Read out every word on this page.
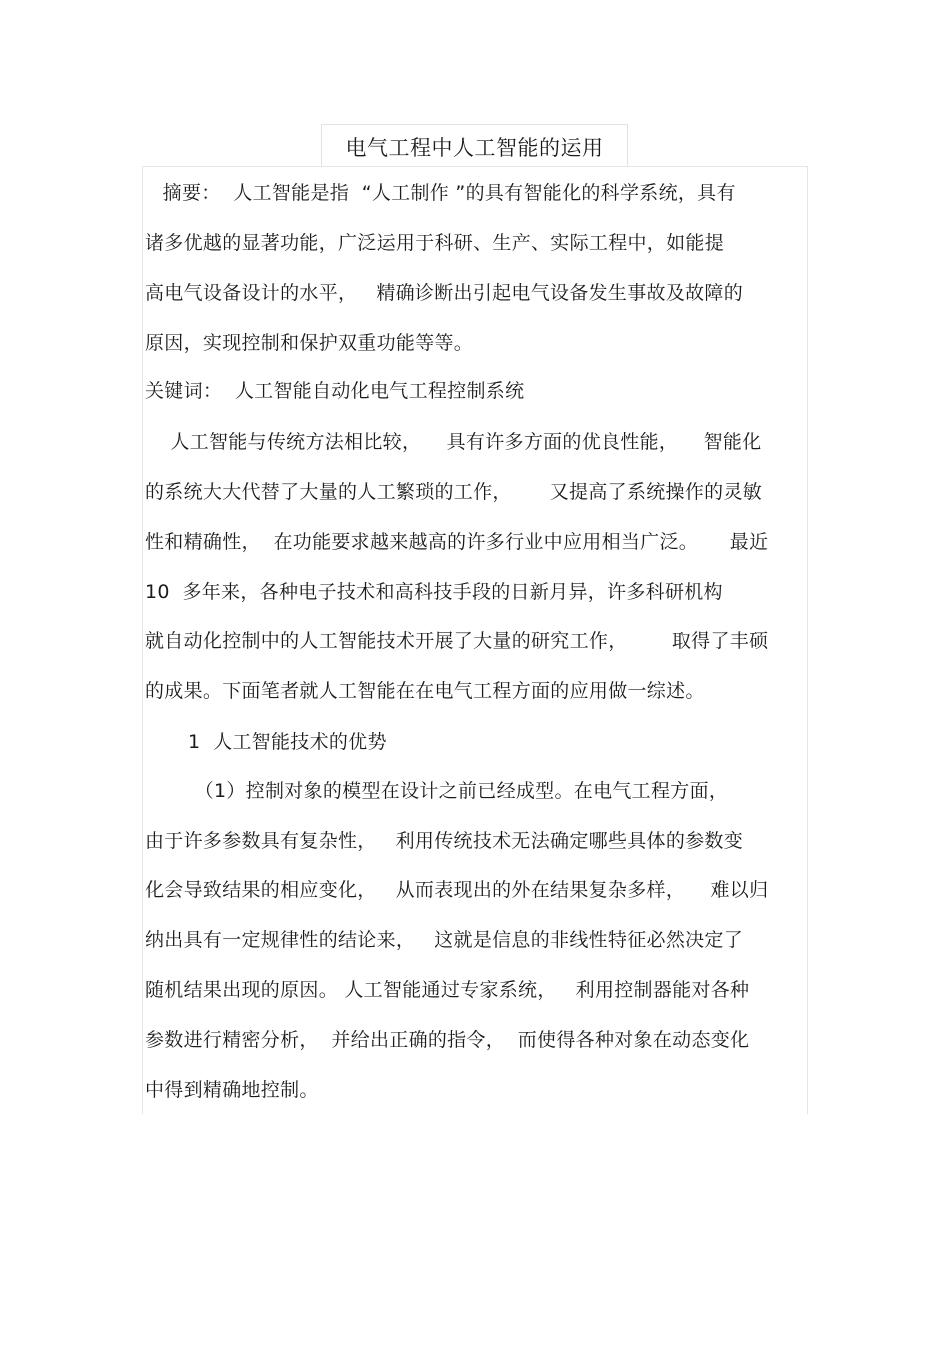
电气工程中人工智能的运用
摘要：  人工智能是指  “人工制作 ”的具有智能化的科学系统，具有
诸多优越的显著功能，广泛运用于科研、生产、实际工程中，如能提
高电气设备设计的水平，   精确诊断出引起电气设备发生事故及故障的
原因，实现控制和保护双重功能等等。
关键词：  人工智能自动化电气工程控制系统
人工智能与传统方法相比较，    具有许多方面的优良性能，    智能化
的系统大大代替了大量的人工繁琐的工作，      又提高了系统操作的灵敏
性和精确性，  在功能要求越来越高的许多行业中应用相当广泛。     最近
10  多年来，各种电子技术和高科技手段的日新月异，许多科研机构
就自动化控制中的人工智能技术开展了大量的研究工作，       取得了丰硕
的成果。下面笔者就人工智能在在电气工程方面的应用做一综述。
1  人工智能技术的优势
（1）控制对象的模型在设计之前已经成型。在电气工程方面，
由于许多参数具有复杂性，   利用传统技术无法确定哪些具体的参数变
化会导致结果的相应变化，   从而表现出的外在结果复杂多样，    难以归
纳出具有一定规律性的结论来，   这就是信息的非线性特征必然决定了
随机结果出现的原因。 人工智能通过专家系统，   利用控制器能对各种
参数进行精密分析，  并给出正确的指令，  而使得各种对象在动态变化
中得到精确地控制。
